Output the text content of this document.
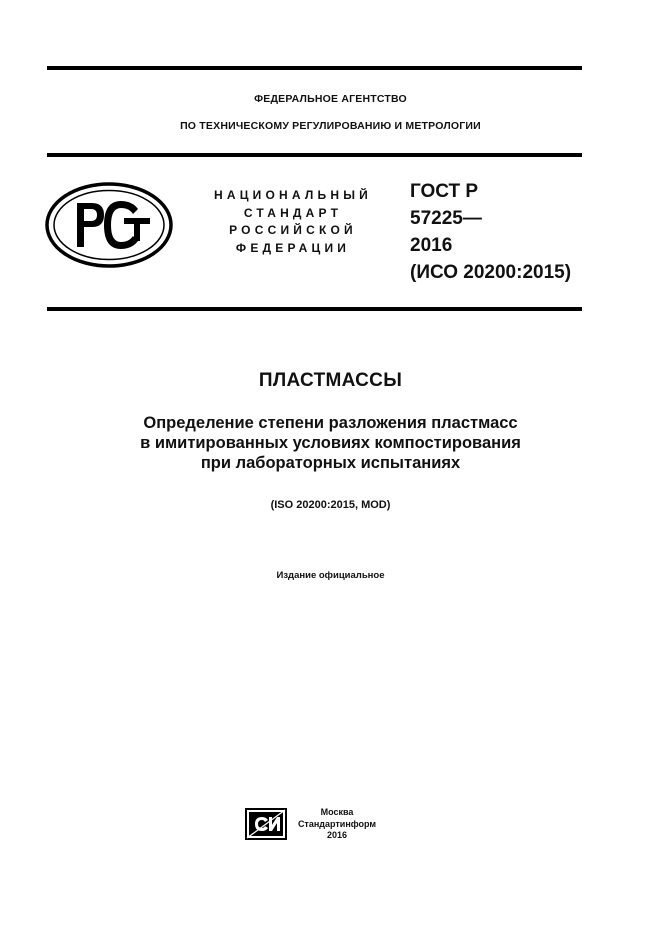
ФЕДЕРАЛЬНОЕ АГЕНТСТВО
ПО ТЕХНИЧЕСКОМУ РЕГУЛИРОВАНИЮ И МЕТРОЛОГИИ
НАЦИОНАЛЬНЫЙ
СТАНДАРТ
РОССИЙСКОЙ
ФЕДЕРАЦИИ
ГОСТ Р
57225 —
2016
(ИСО 20200:2015)
ПЛАСТМАССЫ
Определение степени разложения пластмасс
в имитированных условиях компостирования
при лабораторных испытаниях
(ISO 20200:2015, MOD)
Издание официальное
Москва
Стандартинформ
2016
